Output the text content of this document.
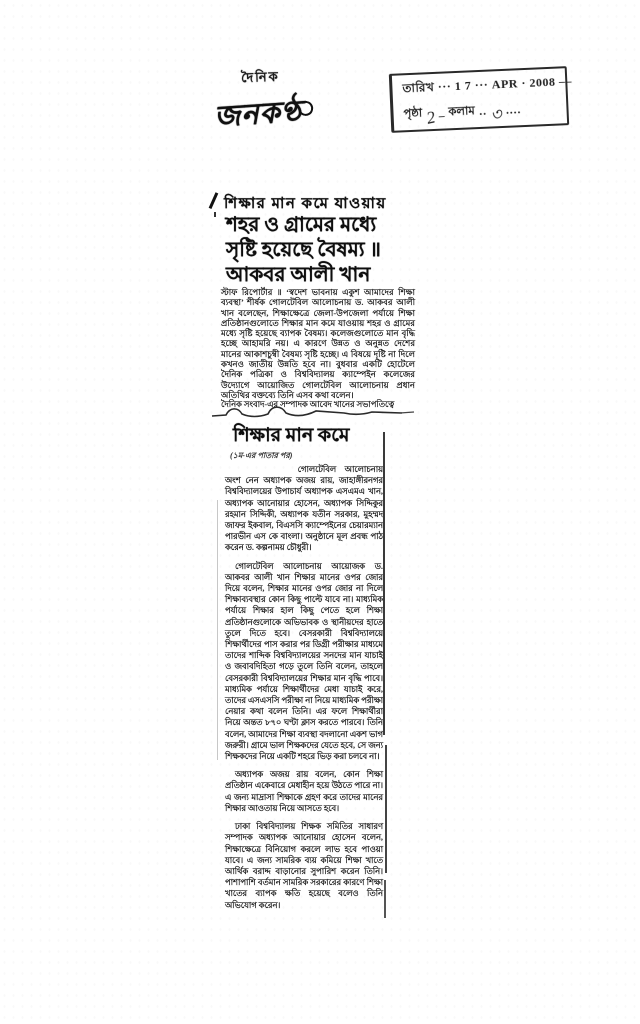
দৈনিক
জনকণ্ঠ
তারিখ ··· 1 7 ··· APR · 2008 ––
পৃষ্ঠা 2 – কলাম ·· ৩ ····
শিক্ষার মান কমে যাওয়ায়
শহর ও গ্রামের মধ্যে
সৃষ্টি হয়েছে বৈষম্য ॥
আকবর আলী খান
স্টাফ রিপোর্টার ॥ ‘স্বদেশ ভাবনায় একুশ আমাদের শিক্ষা ব্যবস্থা’ শীর্ষক গোলটেবিল আলোচনায় ড. আকবর আলী খান বলেছেন, শিক্ষাক্ষেত্রে জেলা-উপজেলা পর্যায়ে শিক্ষা প্রতিষ্ঠানগুলোতে শিক্ষার মান কমে যাওয়ায় শহর ও গ্রামের মধ্যে সৃষ্টি হয়েছে ব্যাপক বৈষম্য। কলেজগুলোতে মান বৃদ্ধি হচ্ছে আহামরি নয়। এ কারণে উন্নত ও অনুন্নত দেশের মানের আকাশচুম্বী বৈষম্য সৃষ্টি হচ্ছে। এ বিষয়ে দৃষ্টি না দিলে কখনও জাতীয় উন্নতি হবে না। বুধবার একটি হোটেলে দৈনিক পত্রিকা ও বিশ্ববিদ্যালয় ক্যাম্পেইন কলেজের উদ্যোগে আয়োজিত গোলটেবিল আলোচনায় প্রধান অতিথির বক্তব্যে তিনি এসব কথা বলেন।
দৈনিক সংবাদ-এর সম্পাদক আবেদ খানের সভাপতিত্বে
শিক্ষার মান কমে
(১ম-এর পাতার পর)

গোলটেবিল আলোচনায় অংশ নেন অধ্যাপক অজয় রায়, জাহাঙ্গীরনগর বিশ্ববিদ্যালয়ের উপাচার্য অধ্যাপক এসএমএ খান, অধ্যাপক আনোয়ার হোসেন, অধ্যাপক সিদ্দিকুর রহমান সিদ্দিকী, অধ্যাপক যতীন সরকার, মুহম্মদ জাফর ইকবাল, বিএসসি ক্যাম্পেইনের চেয়ারম্যান পারভীন এস কে বাংলা। অনুষ্ঠানে মূল প্রবন্ধ পাঠ করেন ড. কল্পনাময় চৌধুরী।

গোলটেবিল আলোচনায় আয়োজক ড. আকবর আলী খান শিক্ষার মানের ওপর জোর দিয়ে বলেন, শিক্ষার মানের ওপর জোর না দিলে শিক্ষাব্যবস্থার কোন কিছু পাল্টে যাবে না। মাধ্যমিক পর্যায়ে শিক্ষার হাল কিছু পেতে হলে শিক্ষা প্রতিষ্ঠানগুলোকে অভিভাবক ও স্থানীয়দের হাতে তুলে দিতে হবে। বেসরকারী বিশ্ববিদ্যালয়ে শিক্ষার্থীদের পাস করার পর ডিগ্রী পরীক্ষার মাধ্যমে তাদের শাব্দিক বিশ্ববিদ্যালয়ের সনদের মান যাচাই ও জবাবদিহিতা গড়ে তুলে তিনি বলেন, তাহলে বেসরকারী বিশ্ববিদ্যালয়ের শিক্ষার মান বৃদ্ধি পাবে। মাধ্যমিক পর্যায়ে শিক্ষার্থীদের মেধা যাচাই করে, তাদের এসএসসি পরীক্ষা না নিয়ে মাধ্যমিক পরীক্ষা নেয়ার কথা বলেন তিনি। এর ফলে শিক্ষার্থীরা নিয়ে অন্তত ৮৭০ ঘণ্টা ক্লাস করতে পারবে। তিনি বলেন, আমাদের শিক্ষা ব্যবস্থা বদলানো একশ ভাগ জরুরী। গ্রামে ভাল শিক্ষকদের যেতে হবে, সে জন্য শিক্ষকদের নিয়ে একটি শহরে ভিড় করা চলবে না।

অধ্যাপক অজয় রায় বলেন, কোন শিক্ষা প্রতিষ্ঠান একেবারে মেধাহীন হয়ে উঠতে পারে না। এ জন্য মাদ্রাসা শিক্ষাকে গ্রহণ করে তাদের মানের শিক্ষার আওতায় নিয়ে আসতে হবে।

ঢাকা বিশ্ববিদ্যালয় শিক্ষক সমিতির সাধারণ সম্পাদক অধ্যাপক আনোয়ার হোসেন বলেন, শিক্ষাক্ষেত্রে বিনিয়োগ করলে লাভ হবে পাওয়া যাবে। এ জন্য সামরিক ব্যয় কমিয়ে শিক্ষা খাতে আর্থিক বরাদ্দ বাড়ানোর সুপারিশ করেন তিনি। পাশাপাশি বর্তমান সামরিক সরকারের কারণে শিক্ষা খাতের ব্যাপক ক্ষতি হয়েছে বলেও তিনি অভিযোগ করেন।
